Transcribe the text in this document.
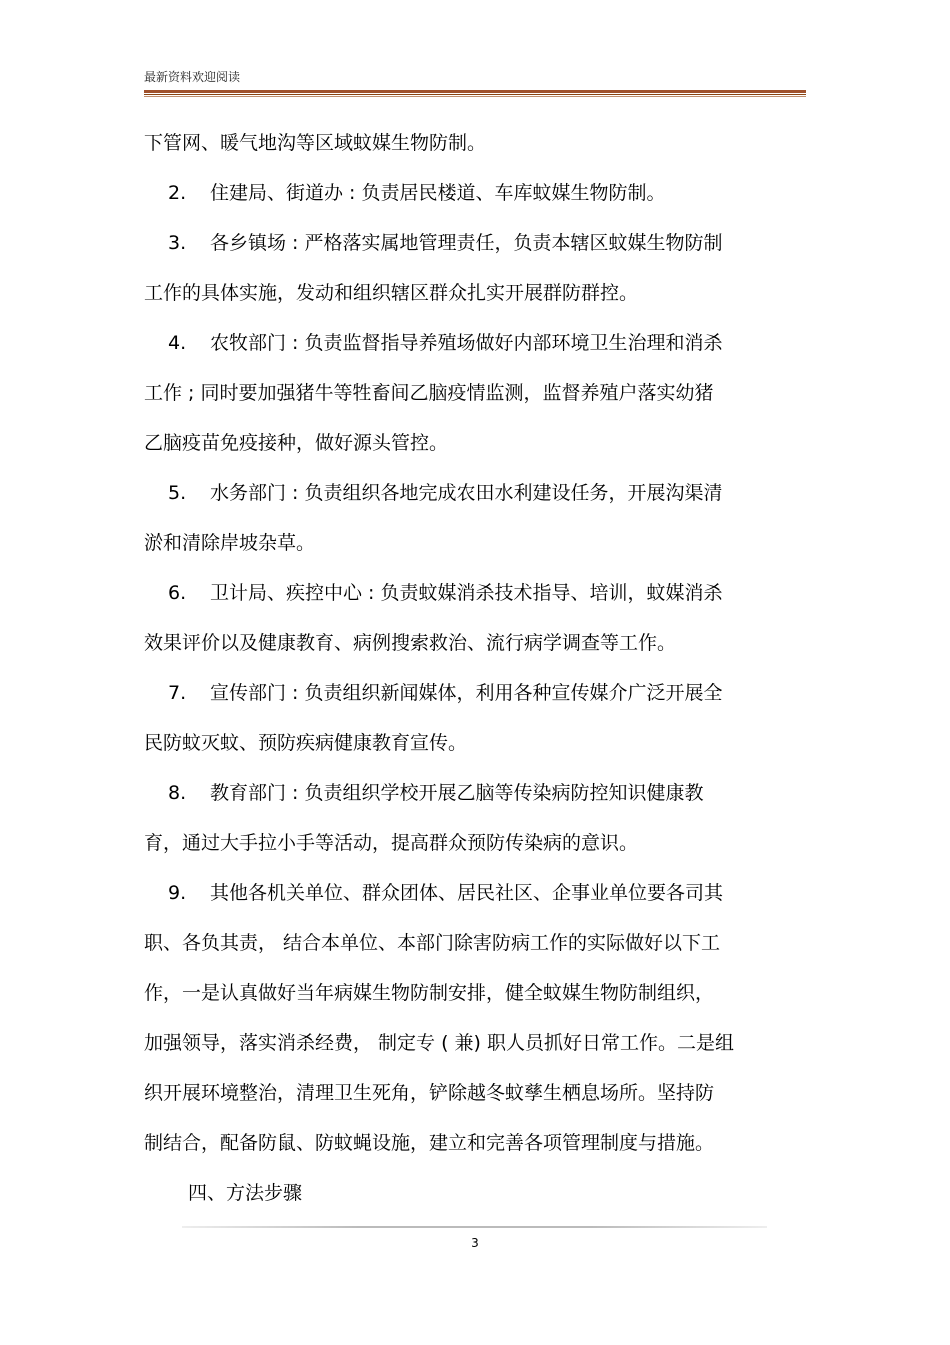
最新资料欢迎阅读
下管网、暖气地沟等区域蚊媒生物防制。
2. 住建局、街道办 : 负责居民楼道、车库蚊媒生物防制。
3. 各乡镇场 : 严格落实属地管理责任，负责本辖区蚊媒生物防制
工作的具体实施，发动和组织辖区群众扎实开展群防群控。
4. 农牧部门 : 负责监督指导养殖场做好内部环境卫生治理和消杀
工作 ; 同时要加强猪牛等牲畜间乙脑疫情监测，监督养殖户落实幼猪
乙脑疫苗免疫接种，做好源头管控。
5. 水务部门 : 负责组织各地完成农田水利建设任务，开展沟渠清
淤和清除岸坡杂草。
6. 卫计局、疾控中心 : 负责蚊媒消杀技术指导、培训，蚊媒消杀
效果评价以及健康教育、病例搜索救治、流行病学调查等工作。
7. 宣传部门 : 负责组织新闻媒体，利用各种宣传媒介广泛开展全
民防蚊灭蚊、预防疾病健康教育宣传。
8. 教育部门 : 负责组织学校开展乙脑等传染病防控知识健康教
育，通过大手拉小手等活动，提高群众预防传染病的意识。
9. 其他各机关单位、群众团体、居民社区、企事业单位要各司其
职、各负其责， 结合本单位、本部门除害防病工作的实际做好以下工
作，一是认真做好当年病媒生物防制安排，健全蚊媒生物防制组织，
加强领导，落实消杀经费， 制定专 ( 兼) 职人员抓好日常工作。二是组
织开展环境整治，清理卫生死角，铲除越冬蚊孳生栖息场所。坚持防
制结合，配备防鼠、防蚊蝇设施，建立和完善各项管理制度与措施。
四、方法步骤
3
